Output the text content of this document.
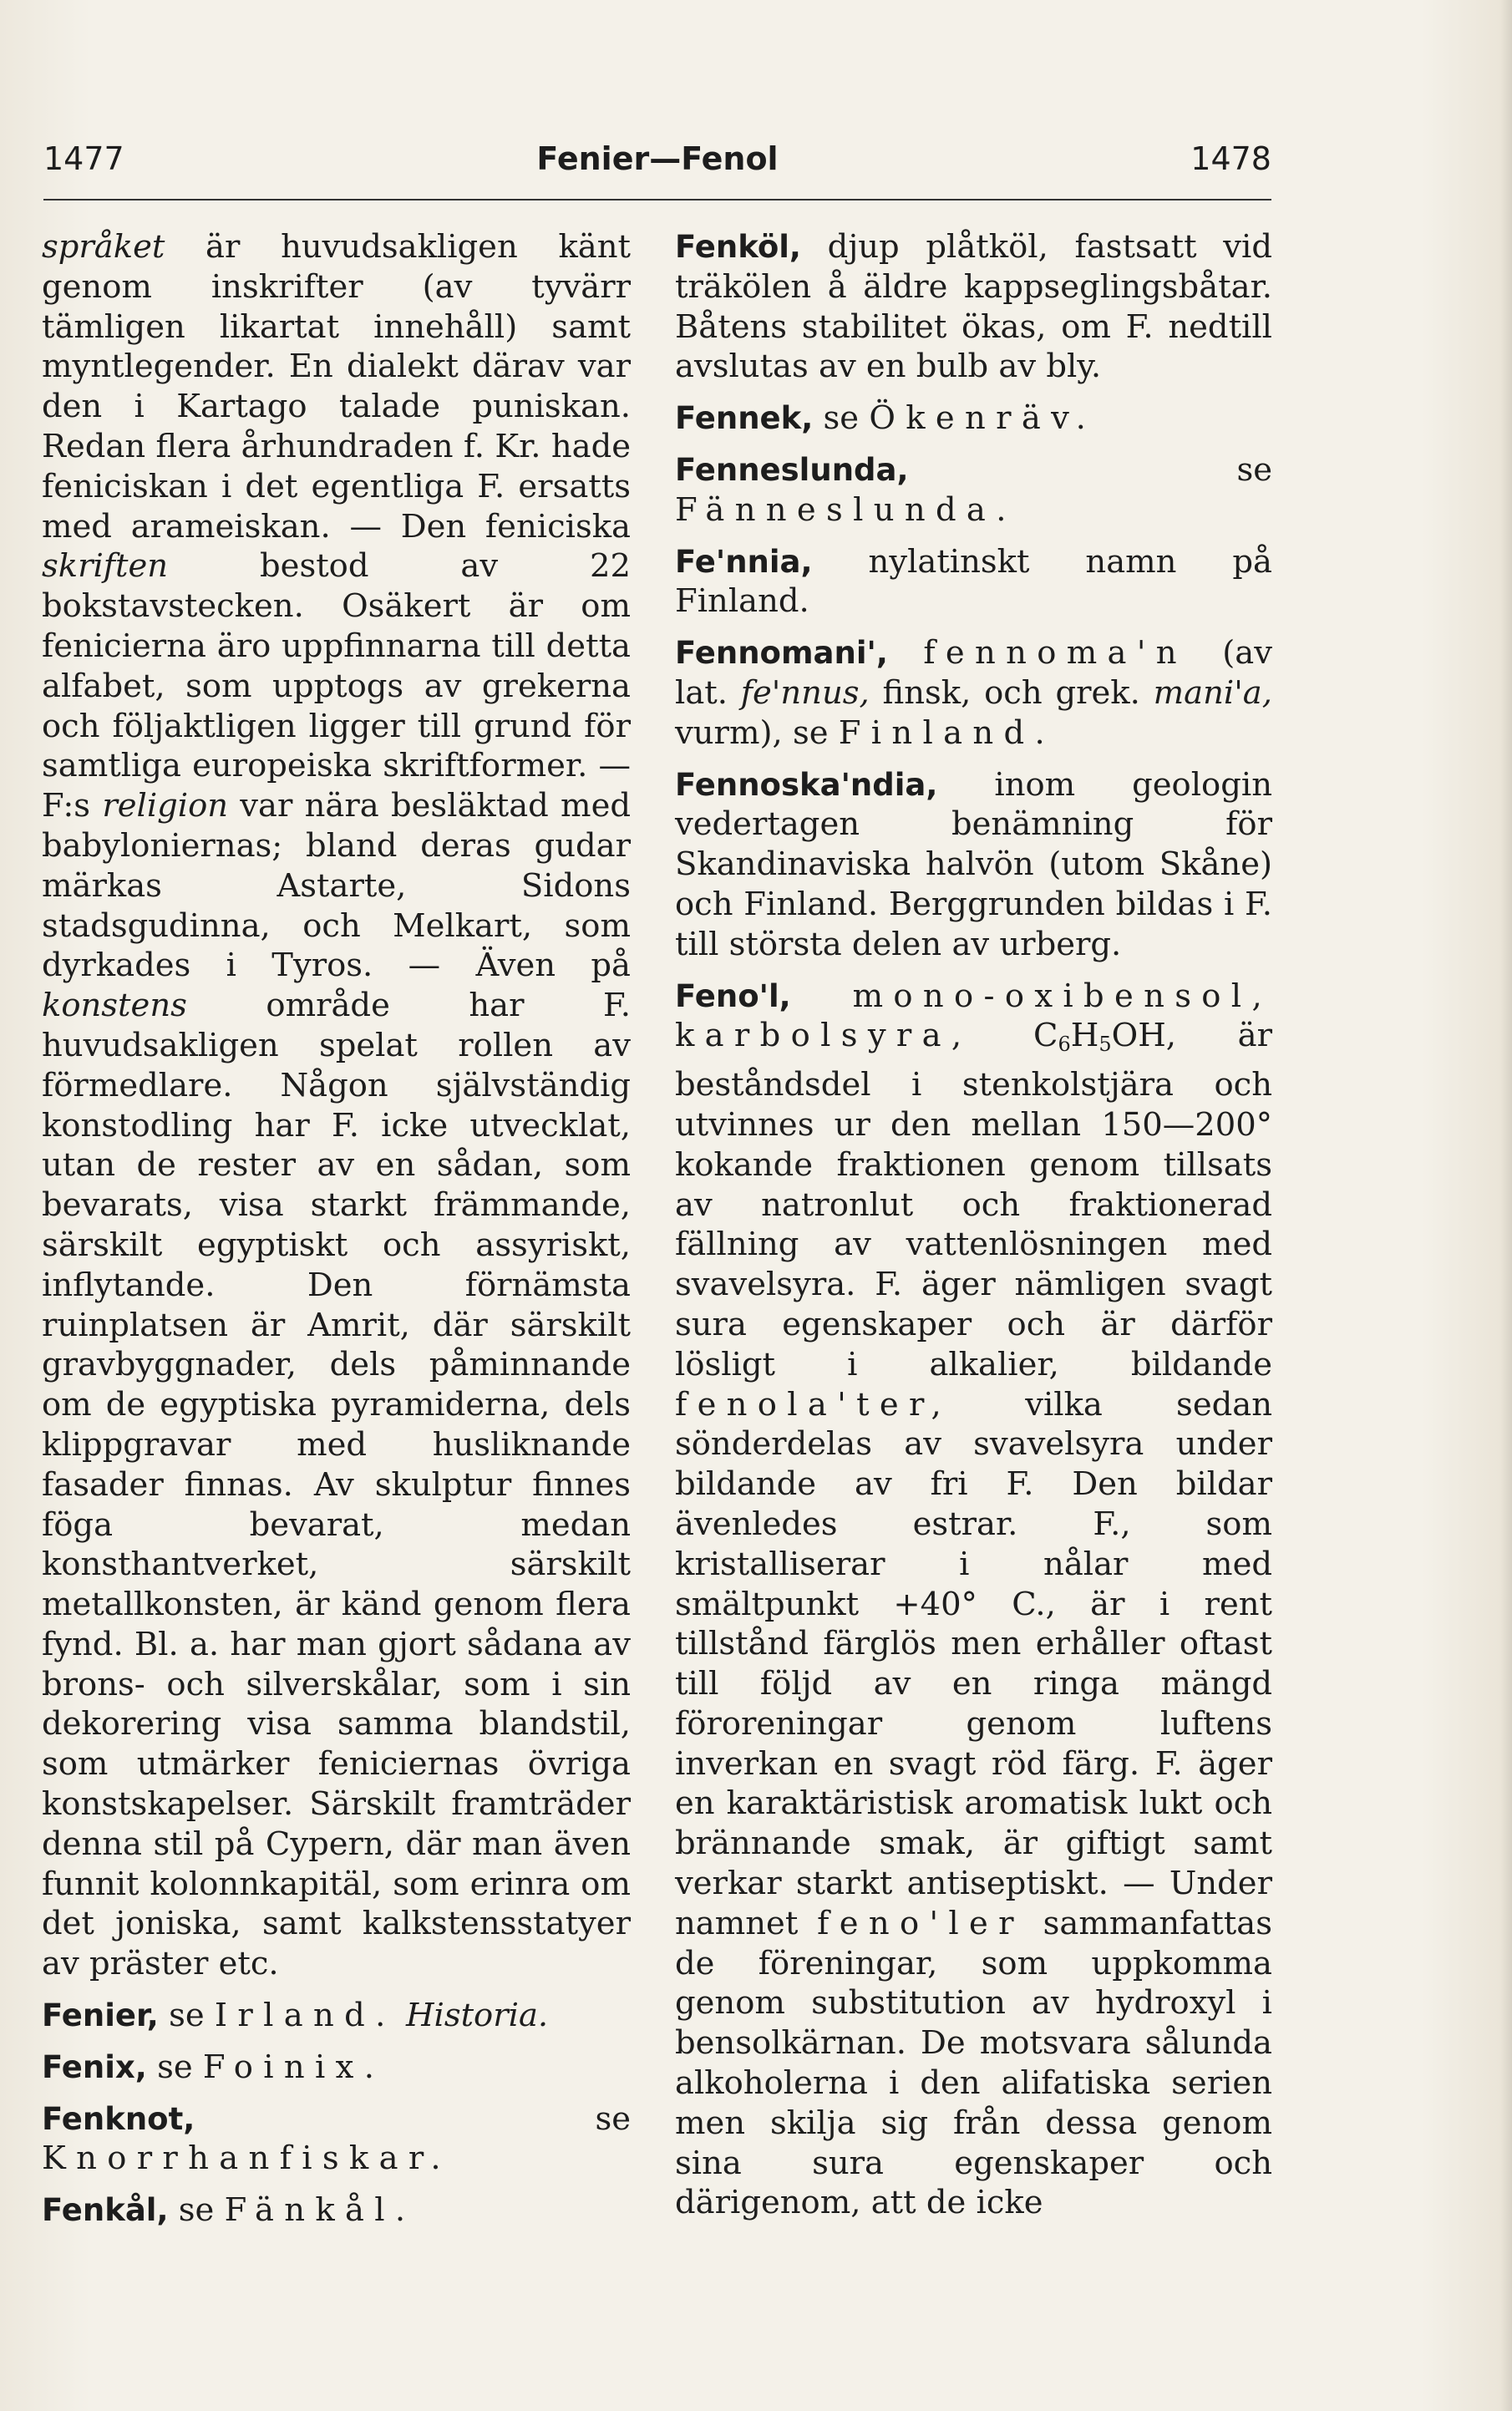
1477	Fenier—Fenol	1478

språket är huvudsakligen känt genom inskrifter (av tyvärr tämligen likartat innehåll) samt myntlegender. En dialekt därav var den i Kartago talade puniskan. Redan flera århundraden f. Kr. hade feniciskan i det egentliga F. ersatts med arameiskan. — Den feniciska skriften bestod av 22 bokstavstecken. Osäkert är om fenicierna äro uppfinnarna till detta alfabet, som upptogs av grekerna och följaktligen ligger till grund för samtliga europeiska skriftformer. — F:s religion var nära besläktad med babyloniernas; bland deras gudar märkas Astarte, Sidons stadsgudinna, och Melkart, som dyrkades i Tyros. — Även på konstens område har F. huvudsakligen spelat rollen av förmedlare. Någon självständig konstodling har F. icke utvecklat, utan de rester av en sådan, som bevarats, visa starkt främmande, särskilt egyptiskt och assyriskt, inflytande. Den förnämsta ruinplatsen är Amrit, där särskilt gravbyggnader, dels påminnande om de egyptiska pyramiderna, dels klippgravar med husliknande fasader finnas. Av skulptur finnes föga bevarat, medan konsthantverket, särskilt metallkonsten, är känd genom flera fynd. Bl. a. har man gjort sådana av brons- och silverskålar, som i sin dekorering visa samma blandstil, som utmärker feniciernas övriga konstskapelser. Särskilt framträder denna stil på Cypern, där man även funnit kolonnkapitäl, som erinra om det joniska, samt kalkstensstatyer av präster etc.

Fenier, se Irland. Historia.

Fenix, se Foinix.

Fenknot, se Knorrhanfiskar.

Fenkål, se Fänkål.

Fenköl, djup plåtköl, fastsatt vid träkölen å äldre kappseglingsbåtar. Båtens stabilitet ökas, om F. nedtill avslutas av en bulb av bly.

Fennek, se Ökenräv.

Fenneslunda, se Fänneslunda.

Fe'nnia, nylatinskt namn på Finland.

Fennomani', fennoma'n (av lat. fe'nnus, finsk, och grek. mani'a, vurm), se Finland.

Fennoska'ndia, inom geologin vedertagen benämning för Skandinaviska halvön (utom Skåne) och Finland. Berggrunden bildas i F. till största delen av urberg.

Feno'l, mono-oxibensol, karbolsyra, $C_6H_5OH$, är beståndsdel i stenkolstjära och utvinnes ur den mellan 150—200° kokande fraktionen genom tillsats av natronlut och fraktionerad fällning av vattenlösningen med svavelsyra. F. äger nämligen svagt sura egenskaper och är därför lösligt i alkalier, bildande fenola'ter, vilka sedan sönderdelas av svavelsyra under bildande av fri F. Den bildar ävenledes estrar. F., som kristalliserar i nålar med smältpunkt +40° C., är i rent tillstånd färglös men erhåller oftast till följd av en ringa mängd föroreningar genom luftens inverkan en svagt röd färg. F. äger en karaktäristisk aromatisk lukt och brännande smak, är giftigt samt verkar starkt antiseptiskt. — Under namnet feno'ler sammanfattas de föreningar, som uppkomma genom substitution av hydroxyl i bensolkärnan. De motsvara sålunda alkoholerna i den alifatiska serien men skilja sig från dessa genom sina sura egenskaper och därigenom, att de icke
